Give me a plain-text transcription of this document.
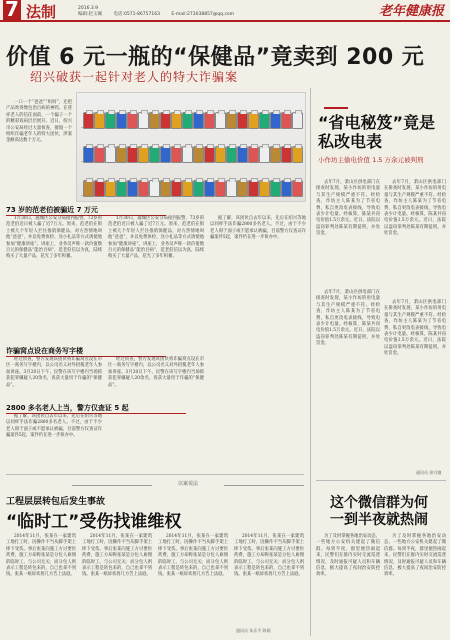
7 法制	2016.3.9
编辑:赵玉佩	电话:0571-86757163	E-mail:273038857@qq.com	老年健康报
价值 6 元一瓶的“保健品”竟卖到 200 元
绍兴破获一起针对老人的特大诈骗案

一口一个“爸爸”“妈妈”，还把产品吹得像包治百病的神药。在慈祥老人的信任面前，一个骗子一个的精彩戏码层层展开。近日，绍兴市公安局经过大量侦查，摧毁一个组织诈骗老年人的特大团伙，涉案金额高达数十万元。

73 岁的范老伯被骗近 7 万元

1月30日，越城区公安分局接到报警，73岁的范老伯近日被人骗了近7万元。原来，范老伯在街上被几个年轻人拦住推销保健品，对方热情地叫他“爸爸”，并以免费体检、送小礼品等方式诱使他参加“健康讲座”。讲座上，业务员声称一款价值数百元的保健品“能治百病”，范老伯信以为真，陆续购买了大量产品，花光了多年积蓄。

诈骗窝点设在商务写字楼

经过侦查，警方发现该团伙将诈骗窝点设在市区一商务写字楼内，以公司名义对外招揽老年人参加讲座。3月20日下午，民警在该写字楼内当场抓获犯罪嫌疑人20余名，查获大量用于诈骗的“保健品”。

2800 多名老人上当，警方仅查证 5 起

据了解，该团伙自去年以来，先后在绍兴等地以同样手法诈骗2800多名老人。不过，由于不少老人碍于面子或不愿承认被骗，目前警方仅查证诈骗案件5起，案件仍在进一步侦办中。

1月30日，越城区公安分局接到报警，73岁的范老伯近日被人骗了近7万元。原来，范老伯在街上被几个年轻人拦住推销保健品，对方热情地叫他“爸爸”，并以免费体检、送小礼品等方式诱使他参加“健康讲座”。讲座上，业务员声称一款价值数百元的保健品“能治百病”，范老伯信以为真，陆续购买了大量产品，花光了多年积蓄。

经过侦查，警方发现该团伙将诈骗窝点设在市区一商务写字楼内，以公司名义对外招揽老年人参加讲座。3月20日下午，民警在该写字楼内当场抓获犯罪嫌疑人20余名，查获大量用于诈骗的“保健品”。

据了解，该团伙自去年以来，先后在绍兴等地以同样手法诈骗2800多名老人。不过，由于不少老人碍于面子或不愿承认被骗，目前警方仅查证诈骗案件5起，案件仍在进一步侦办中。

以案说法
工程层层转包后发生事故
“临时工”受伤找谁维权

2014年11月，张某在一家建筑工地打工时，因操作不当从脚手架上摔下受伤。事后张某向施工方讨要医药费，施工方却称张某是分包人雇佣的临时工，与公司无关；而分包人则表示工程是转包来的，自己也拿不到钱。张某一纸诉状将几方告上法庭。

2014年11月，张某在一家建筑工地打工时，因操作不当从脚手架上摔下受伤。事后张某向施工方讨要医药费，施工方却称张某是分包人雇佣的临时工，与公司无关；而分包人则表示工程是转包来的，自己也拿不到钱。张某一纸诉状将几方告上法庭。

2014年11月，张某在一家建筑工地打工时，因操作不当从脚手架上摔下受伤。事后张某向施工方讨要医药费，施工方却称张某是分包人雇佣的临时工，与公司无关；而分包人则表示工程是转包来的，自己也拿不到钱。张某一纸诉状将几方告上法庭。

2014年11月，张某在一家建筑工地打工时，因操作不当从脚手架上摔下受伤。事后张某向施工方讨要医药费，施工方却称张某是分包人雇佣的临时工，与公司无关；而分包人则表示工程是转包来的，自己也拿不到钱。张某一纸诉状将几方告上法庭。

通讯员 朱乐平 陈翔
“省电秘笈”竟是私改电表
小作坊主偷电价值 1.5 万余元被判刑

去年7月，萧山区供电部门在排查时发现，某小作坊的用电量与其生产规模严重不符。经检查，作坊主人陈某为了节省电费，私自更改电表接线，导致电表少计电量。经核算，陈某共窃电价值1.5万余元。近日，法院以盗窃罪判处陈某有期徒刑，并处罚金。

去年7月，萧山区供电部门在排查时发现，某小作坊的用电量与其生产规模严重不符。经检查，作坊主人陈某为了节省电费，私自更改电表接线，导致电表少计电量。经核算，陈某共窃电价值1.5万余元。近日，法院以盗窃罪判处陈某有期徒刑，并处罚金。

去年7月，萧山区供电部门在排查时发现，某小作坊的用电量与其生产规模严重不符。经检查，作坊主人陈某为了节省电费，私自更改电表接线，导致电表少计电量。经核算，陈某共窃电价值1.5万余元。近日，法院以盗窃罪判处陈某有期徒刑，并处罚金。

去年7月，萧山区供电部门在排查时发现，某小作坊的用电量与其生产规模严重不符。经检查，作坊主人陈某为了节省电费，私自更改电表接线，导致电表少计电量。经核算，陈某共窃电价值1.5万余元。近日，法院以盗窃罪判处陈某有期徒刑，并处罚金。

通讯员 余月娥
这个微信群为何一到半夜就热闹

为了及时掌握各地治安动态，一些地方公安机关建起了微信群。每到半夜，群里便热闹起来，民警们在群内实时交流巡逻情况，及时通报可疑人员和车辆信息，极大提高了夜间治安防控效率。

为了及时掌握各地治安动态，一些地方公安机关建起了微信群。每到半夜，群里便热闹起来，民警们在群内实时交流巡逻情况，及时通报可疑人员和车辆信息，极大提高了夜间治安防控效率。
